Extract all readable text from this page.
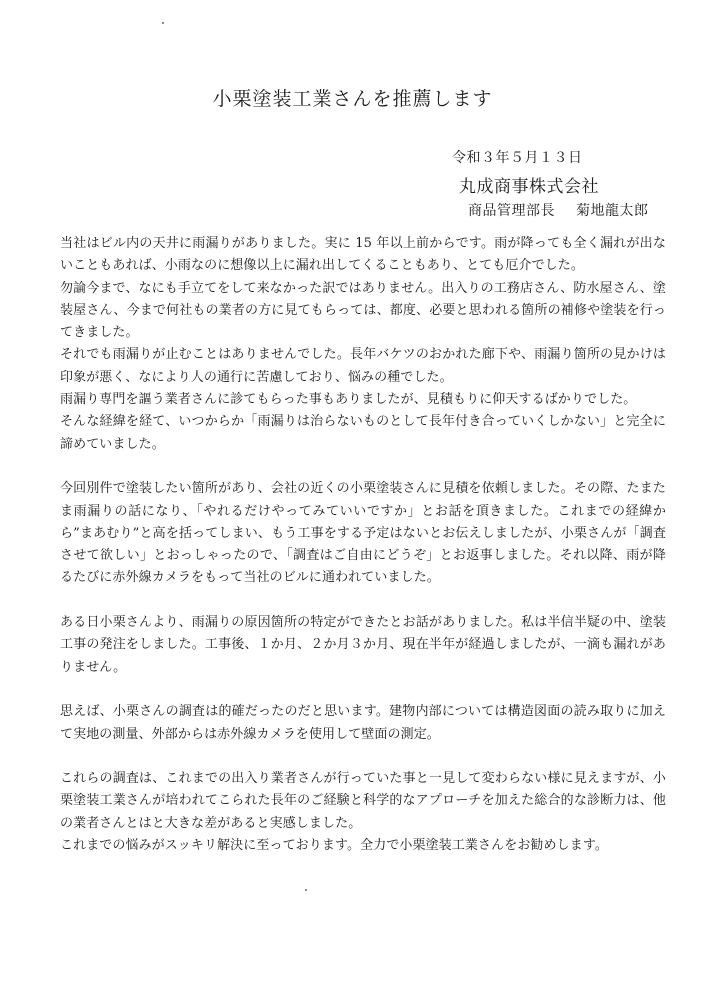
小栗塗装工業さんを推薦します
令和３年５月１３日
丸成商事株式会社
商品管理部長 菊地龍太郎

当社はビル内の天井に雨漏りがありました。実に 15 年以上前からです。雨が降っても全く漏れが出ないこともあれば、小雨なのに想像以上に漏れ出してくることもあり、とても厄介でした。

勿論今まで、なにも手立てをして来なかった訳ではありません。出入りの工務店さん、防水屋さん、塗装屋さん、今まで何社もの業者の方に見てもらっては、都度、必要と思われる箇所の補修や塗装を行ってきました。

それでも雨漏りが止むことはありませんでした。長年バケツのおかれた廊下や、雨漏り箇所の見かけは印象が悪く、なにより人の通行に苦慮しており、悩みの種でした。

雨漏り専門を謳う業者さんに診てもらった事もありましたが、見積もりに仰天するばかりでした。

そんな経緯を経て、いつからか「雨漏りは治らないものとして長年付き合っていくしかない」と完全に諦めていました。

今回別件で塗装したい箇所があり、会社の近くの小栗塗装さんに見積を依頼しました。その際、たまたま雨漏りの話になり、「やれるだけやってみていいですか」とお話を頂きました。これまでの経緯から”まあむり”と高を括ってしまい、もう工事をする予定はないとお伝えしましたが、小栗さんが「調査させて欲しい」とおっしゃったので、「調査はご自由にどうぞ」とお返事しました。それ以降、雨が降るたびに赤外線カメラをもって当社のビルに通われていました。

ある日小栗さんより、雨漏りの原因箇所の特定ができたとお話がありました。私は半信半疑の中、塗装工事の発注をしました。工事後、１か月、２か月３か月、現在半年が経過しましたが、一滴も漏れがありません。

思えば、小栗さんの調査は的確だったのだと思います。建物内部については構造図面の読み取りに加えて実地の測量、外部からは赤外線カメラを使用して壁面の測定。

これらの調査は、これまでの出入り業者さんが行っていた事と一見して変わらない様に見えますが、小栗塗装工業さんが培われてこられた長年のご経験と科学的なアプローチを加えた総合的な診断力は、他の業者さんとはと大きな差があると実感しました。

これまでの悩みがスッキリ解決に至っております。全力で小栗塗装工業さんをお勧めします。
